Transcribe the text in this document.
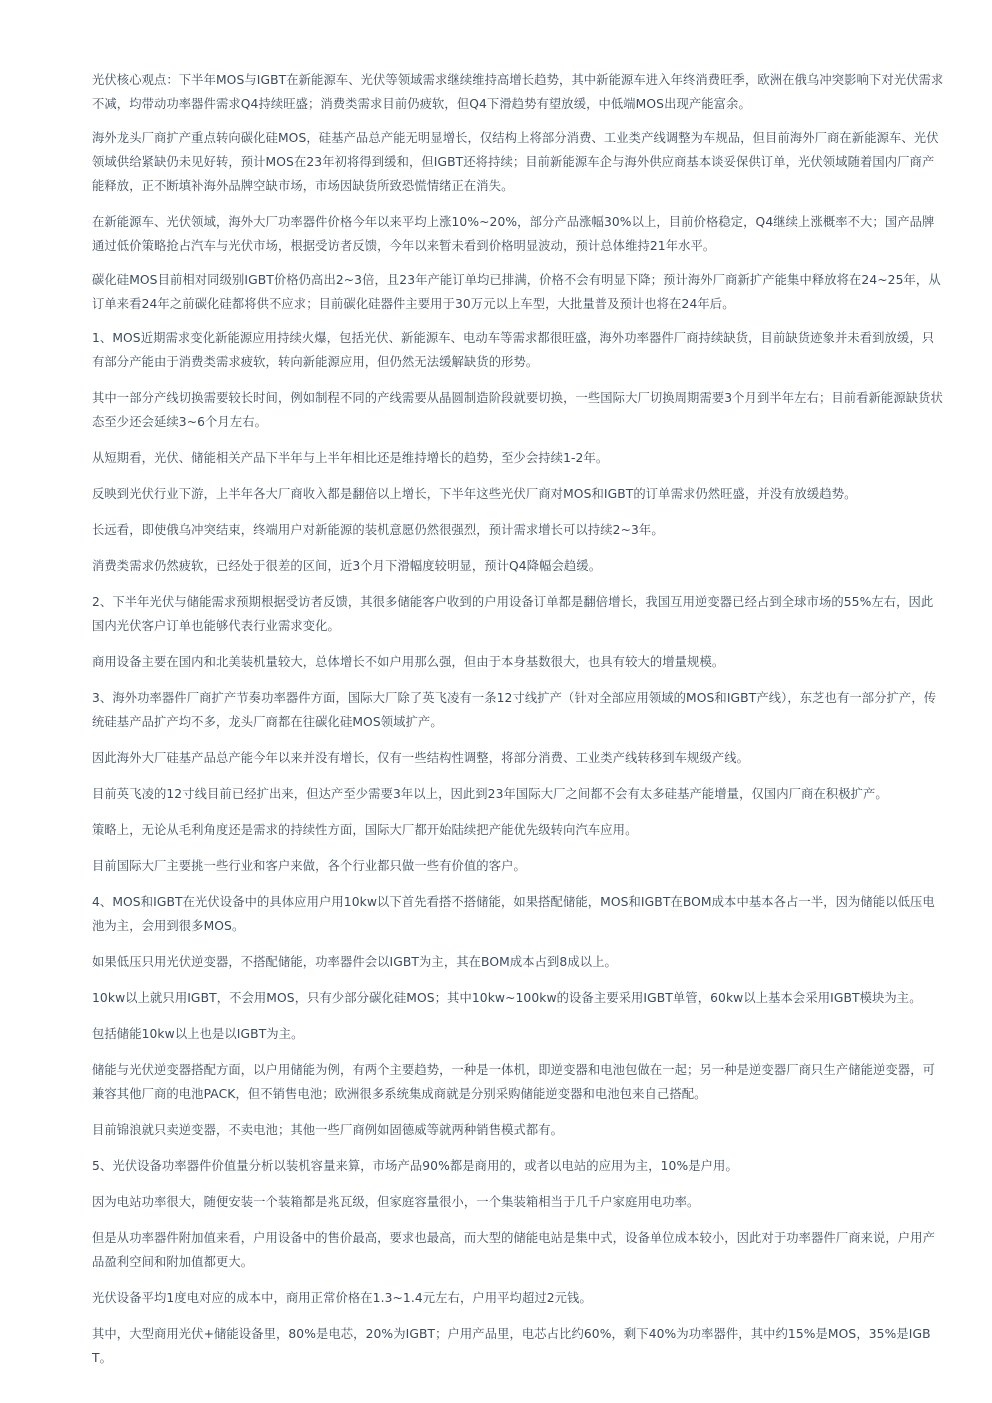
光伏核心观点：下半年MOS与IGBT在新能源车、光伏等领域需求继续维持高增长趋势，其中新能源车进入年终消费旺季，欧洲在俄乌冲突影响下对光伏需求不减，均带动功率器件需求Q4持续旺盛；消费类需求目前仍疲软，但Q4下滑趋势有望放缓，中低端MOS出现产能富余。

海外龙头厂商扩产重点转向碳化硅MOS，硅基产品总产能无明显增长，仅结构上将部分消费、工业类产线调整为车规品，但目前海外厂商在新能源车、光伏领域供给紧缺仍未见好转，预计MOS在23年初将得到缓和，但IGBT还将持续；目前新能源车企与海外供应商基本谈妥保供订单，光伏领域随着国内厂商产能释放，正不断填补海外品牌空缺市场，市场因缺货所致恐慌情绪正在消失。

在新能源车、光伏领域，海外大厂功率器件价格今年以来平均上涨10%~20%，部分产品涨幅30%以上，目前价格稳定，Q4继续上涨概率不大；国产品牌通过低价策略抢占汽车与光伏市场，根据受访者反馈，今年以来暂未看到价格明显波动，预计总体维持21年水平。

碳化硅MOS目前相对同级别IGBT价格仍高出2~3倍，且23年产能订单均已排满，价格不会有明显下降；预计海外厂商新扩产能集中释放将在24~25年，从订单来看24年之前碳化硅都将供不应求；目前碳化硅器件主要用于30万元以上车型，大批量普及预计也将在24年后。

1、MOS近期需求变化新能源应用持续火爆，包括光伏、新能源车、电动车等需求都很旺盛，海外功率器件厂商持续缺货，目前缺货迹象并未看到放缓，只有部分产能由于消费类需求疲软，转向新能源应用，但仍然无法缓解缺货的形势。

其中一部分产线切换需要较长时间，例如制程不同的产线需要从晶圆制造阶段就要切换，一些国际大厂切换周期需要3个月到半年左右；目前看新能源缺货状态至少还会延续3~6个月左右。

从短期看，光伏、储能相关产品下半年与上半年相比还是维持增长的趋势，至少会持续1-2年。

反映到光伏行业下游，上半年各大厂商收入都是翻倍以上增长，下半年这些光伏厂商对MOS和IGBT的订单需求仍然旺盛，并没有放缓趋势。

长远看，即使俄乌冲突结束，终端用户对新能源的装机意愿仍然很强烈，预计需求增长可以持续2~3年。

消费类需求仍然疲软，已经处于很差的区间，近3个月下滑幅度较明显，预计Q4降幅会趋缓。

2、下半年光伏与储能需求预期根据受访者反馈，其很多储能客户收到的户用设备订单都是翻倍增长，我国互用逆变器已经占到全球市场的55%左右，因此国内光伏客户订单也能够代表行业需求变化。

商用设备主要在国内和北美装机量较大，总体增长不如户用那么强，但由于本身基数很大，也具有较大的增量规模。

3、海外功率器件厂商扩产节奏功率器件方面，国际大厂除了英飞凌有一条12寸线扩产（针对全部应用领域的MOS和IGBT产线），东芝也有一部分扩产，传统硅基产品扩产均不多，龙头厂商都在往碳化硅MOS领域扩产。

因此海外大厂硅基产品总产能今年以来并没有增长，仅有一些结构性调整，将部分消费、工业类产线转移到车规级产线。

目前英飞凌的12寸线目前已经扩出来，但达产至少需要3年以上，因此到23年国际大厂之间都不会有太多硅基产能增量，仅国内厂商在积极扩产。

策略上，无论从毛利角度还是需求的持续性方面，国际大厂都开始陆续把产能优先级转向汽车应用。

目前国际大厂主要挑一些行业和客户来做，各个行业都只做一些有价值的客户。

4、MOS和IGBT在光伏设备中的具体应用户用10kw以下首先看搭不搭储能，如果搭配储能，MOS和IGBT在BOM成本中基本各占一半，因为储能以低压电池为主，会用到很多MOS。

如果低压只用光伏逆变器，不搭配储能，功率器件会以IGBT为主，其在BOM成本占到8成以上。

10kw以上就只用IGBT，不会用MOS，只有少部分碳化硅MOS；其中10kw~100kw的设备主要采用IGBT单管，60kw以上基本会采用IGBT模块为主。

包括储能10kw以上也是以IGBT为主。

储能与光伏逆变器搭配方面，以户用储能为例，有两个主要趋势，一种是一体机，即逆变器和电池包做在一起；另一种是逆变器厂商只生产储能逆变器，可兼容其他厂商的电池PACK，但不销售电池；欧洲很多系统集成商就是分别采购储能逆变器和电池包来自己搭配。

目前锦浪就只卖逆变器，不卖电池；其他一些厂商例如固德威等就两种销售模式都有。

5、光伏设备功率器件价值量分析以装机容量来算，市场产品90%都是商用的，或者以电站的应用为主，10%是户用。

因为电站功率很大，随便安装一个装箱都是兆瓦级，但家庭容量很小，一个集装箱相当于几千户家庭用电功率。

但是从功率器件附加值来看，户用设备中的售价最高，要求也最高，而大型的储能电站是集中式，设备单位成本较小，因此对于功率器件厂商来说，户用产品盈利空间和附加值都更大。

光伏设备平均1度电对应的成本中，商用正常价格在1.3~1.4元左右，户用平均超过2元钱。

其中，大型商用光伏+储能设备里，80%是电芯，20%为IGBT；户用产品里，电芯占比约60%，剩下40%为功率器件，其中约15%是MOS，35%是IGBT。
